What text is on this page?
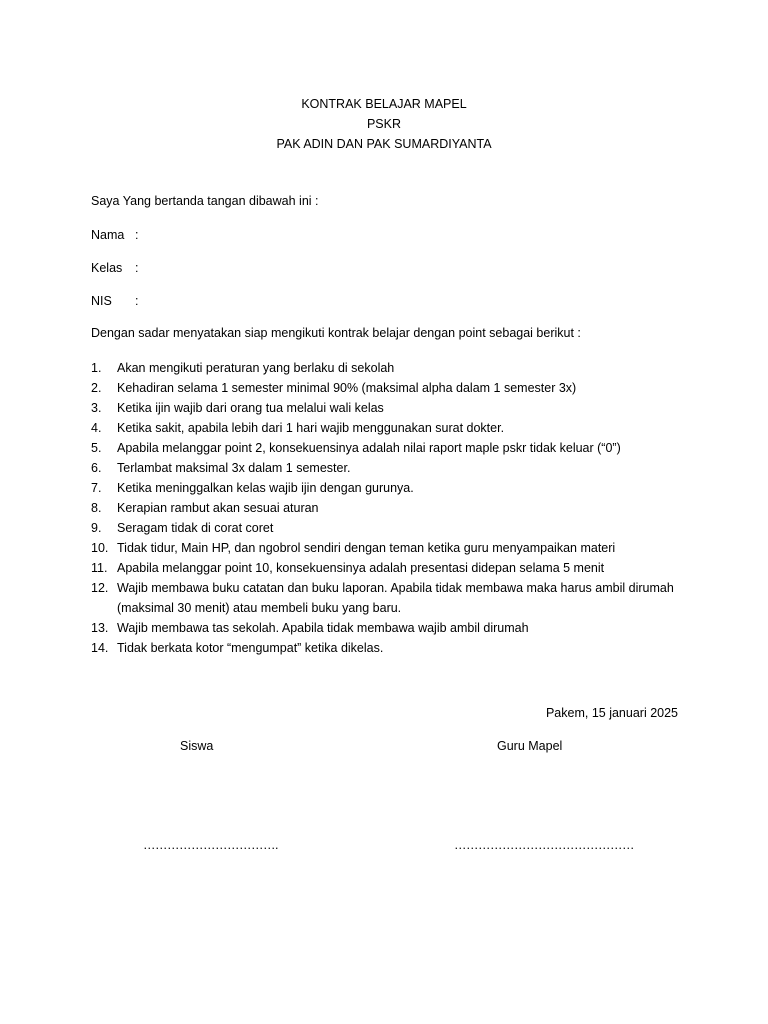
KONTRAK BELAJAR MAPEL
PSKR
PAK ADIN DAN PAK SUMARDIYANTA
Saya Yang bertanda tangan dibawah ini :
Nama :
Kelas :
NIS :
Dengan sadar menyatakan siap mengikuti kontrak belajar dengan point sebagai berikut :
1.	Akan mengikuti peraturan yang berlaku di sekolah
2.	Kehadiran selama 1 semester minimal 90% (maksimal alpha dalam 1 semester 3x)
3.	Ketika ijin wajib dari orang tua melalui wali kelas
4.	Ketika sakit, apabila lebih dari 1 hari wajib menggunakan surat dokter.
5.	Apabila melanggar point 2, konsekuensinya adalah nilai raport maple pskr tidak keluar (“0”)
6.	Terlambat maksimal 3x dalam 1 semester.
7.	Ketika meninggalkan kelas wajib ijin dengan gurunya.
8.	Kerapian rambut akan sesuai aturan
9.	Seragam tidak di corat coret
10. Tidak tidur, Main HP, dan ngobrol sendiri dengan teman ketika guru menyampaikan materi
11. Apabila melanggar point 10, konsekuensinya adalah presentasi didepan selama 5 menit
12. Wajib membawa buku catatan dan buku laporan. Apabila tidak membawa maka harus ambil dirumah (maksimal 30 menit) atau membeli buku yang baru.
13. Wajib membawa tas sekolah. Apabila tidak membawa wajib ambil dirumah
14. Tidak berkata kotor “mengumpat” ketika dikelas.
Pakem, 15 januari 2025
Siswa	Guru Mapel
…………………………….	………………………………………
